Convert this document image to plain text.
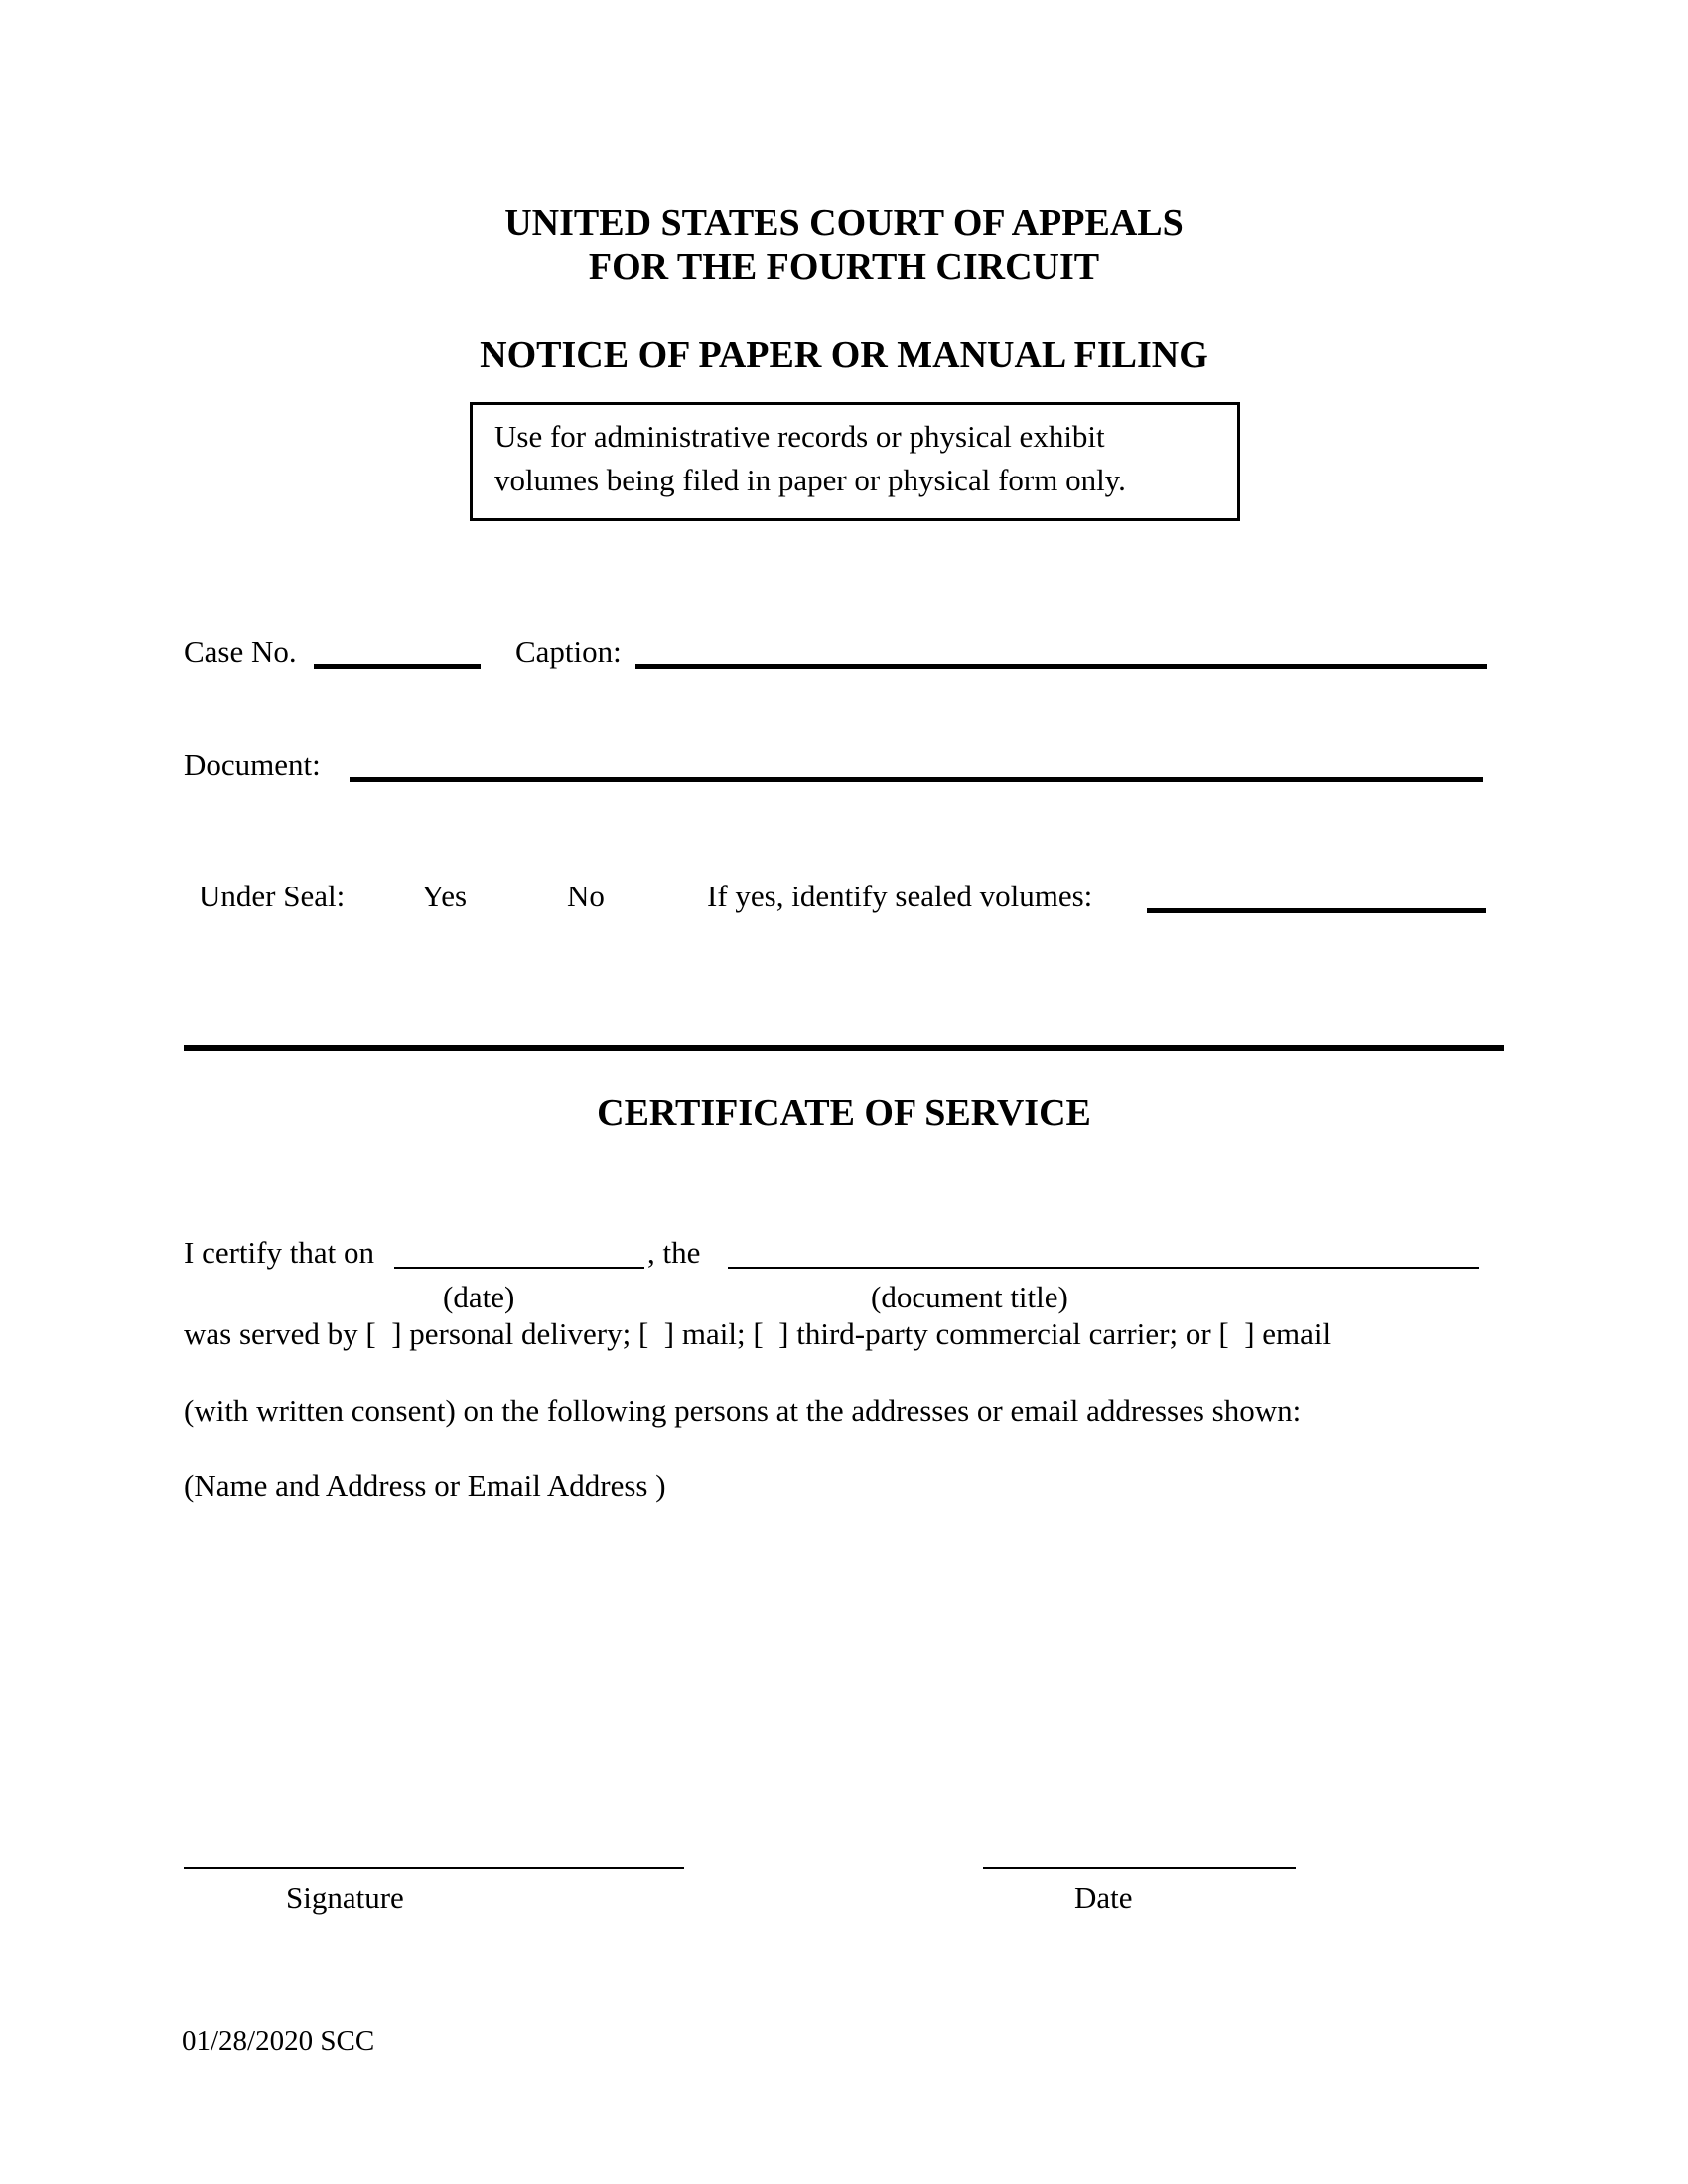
UNITED STATES COURT OF APPEALS
FOR THE FOURTH CIRCUIT
NOTICE OF PAPER OR MANUAL FILING
Use for administrative records or physical exhibit
volumes being filed in paper or physical form only.
Case No.	Caption:
Document:
Under Seal:	Yes	No	If yes, identify sealed volumes:
CERTIFICATE OF SERVICE
I certify that on	, the
(date)	(document title)
was served by [  ] personal delivery; [  ] mail; [  ] third-party commercial carrier; or [  ] email
(with written consent) on the following persons at the addresses or email addresses shown:
(Name and Address or Email Address )
Signature	Date
01/28/2020 SCC
